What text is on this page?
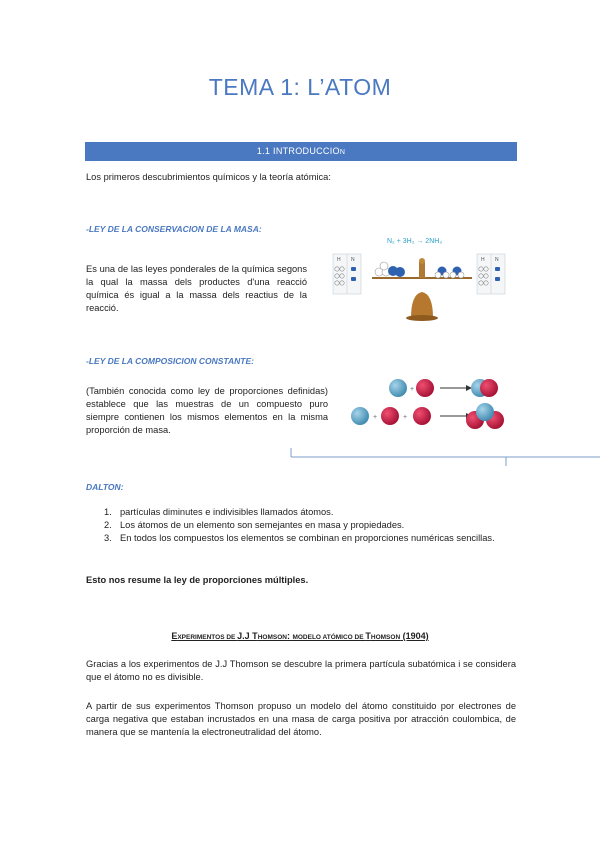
TEMA 1: L’ATOM
1.1 INTRODUCCION
Los primeros descubrimientos químicos y la teoría atómica:
-LEY DE LA CONSERVACION DE LA MASA:
Es una de las leyes ponderales de la química segons la qual la massa dels productes d'una reacció química és igual a la massa dels reactius de la reacció.
N₂ + 3H₂ → 2NH₃
H N	H N
-LEY DE LA COMPOSICION CONSTANTE:
(También conocida como ley de proporciones definidas) establece que las muestras de un compuesto puro siempre contienen los mismos elementos en la misma proporción de masa.
+
+	+
DALTON:
1. partículas diminutes e indivisibles llamados átomos.
2. Los átomos de un elemento son semejantes en masa y propiedades.
3. En todos los compuestos los elementos se combinan en proporciones numéricas sencillas.
Esto nos resume la ley de proporciones múltiples.
EXPERIMENTOS DE J.J THOMSON: MODELO ATÓMICO DE THOMSON (1904)
Gracias a los experimentos de J.J Thomson se descubre la primera partícula subatómica i se considera que el átomo no es divisible.
A partir de sus experimentos Thomson propuso un modelo del átomo constituido por electrones de carga negativa que estaban incrustados en una masa de carga positiva por atracción coulombica, de manera que se mantenía la electroneutralidad del átomo.
